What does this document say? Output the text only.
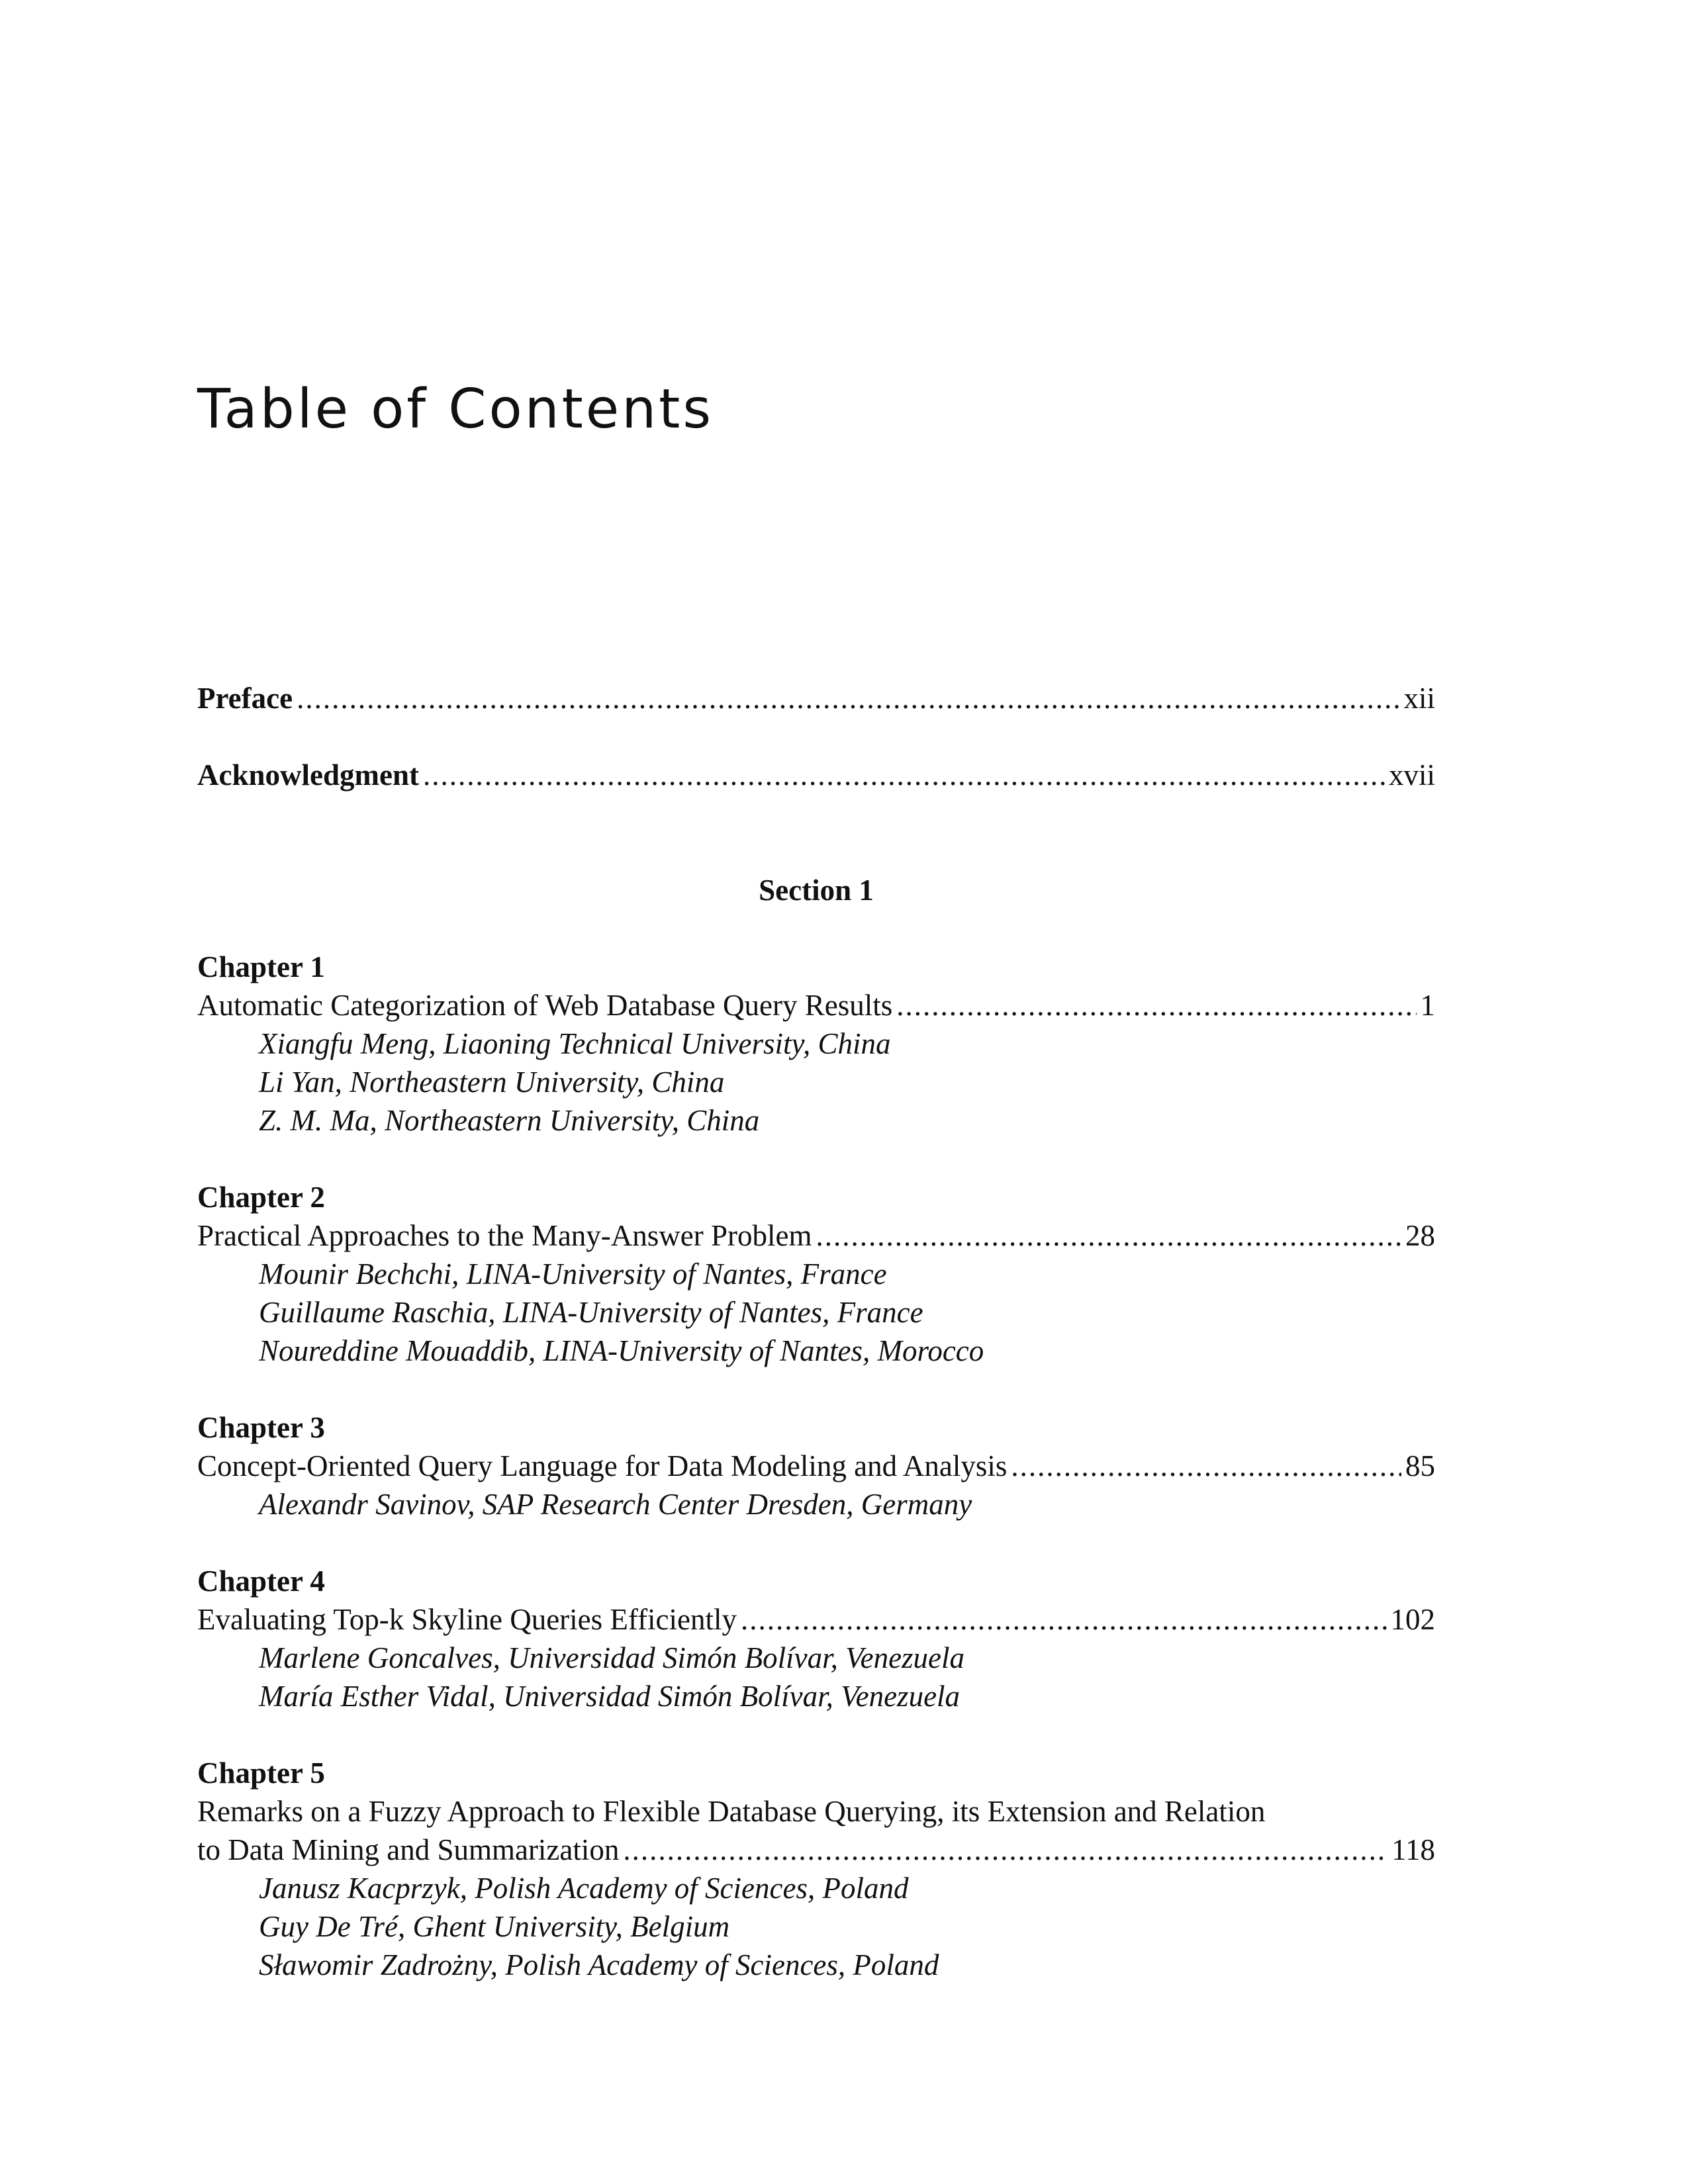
Table of Contents
Preface .....	xii
Acknowledgment .....	xvii
Section 1
Chapter 1
Automatic Categorization of Web Database Query Results .....	1
Xiangfu Meng, Liaoning Technical University, China
Li Yan, Northeastern University, China
Z. M. Ma, Northeastern University, China
Chapter 2
Practical Approaches to the Many-Answer Problem .....	28
Mounir Bechchi, LINA-University of Nantes, France
Guillaume Raschia, LINA-University of Nantes, France
Noureddine Mouaddib, LINA-University of Nantes, Morocco
Chapter 3
Concept-Oriented Query Language for Data Modeling and Analysis .....	85
Alexandr Savinov, SAP Research Center Dresden, Germany
Chapter 4
Evaluating Top-k Skyline Queries Efficiently .....	102
Marlene Goncalves, Universidad Simón Bolívar, Venezuela
María Esther Vidal, Universidad Simón Bolívar, Venezuela
Chapter 5
Remarks on a Fuzzy Approach to Flexible Database Querying, its Extension and Relation
to Data Mining and Summarization .....	118
Janusz Kacprzyk, Polish Academy of Sciences, Poland
Guy De Tré, Ghent University, Belgium
Sławomir Zadrożny, Polish Academy of Sciences, Poland
